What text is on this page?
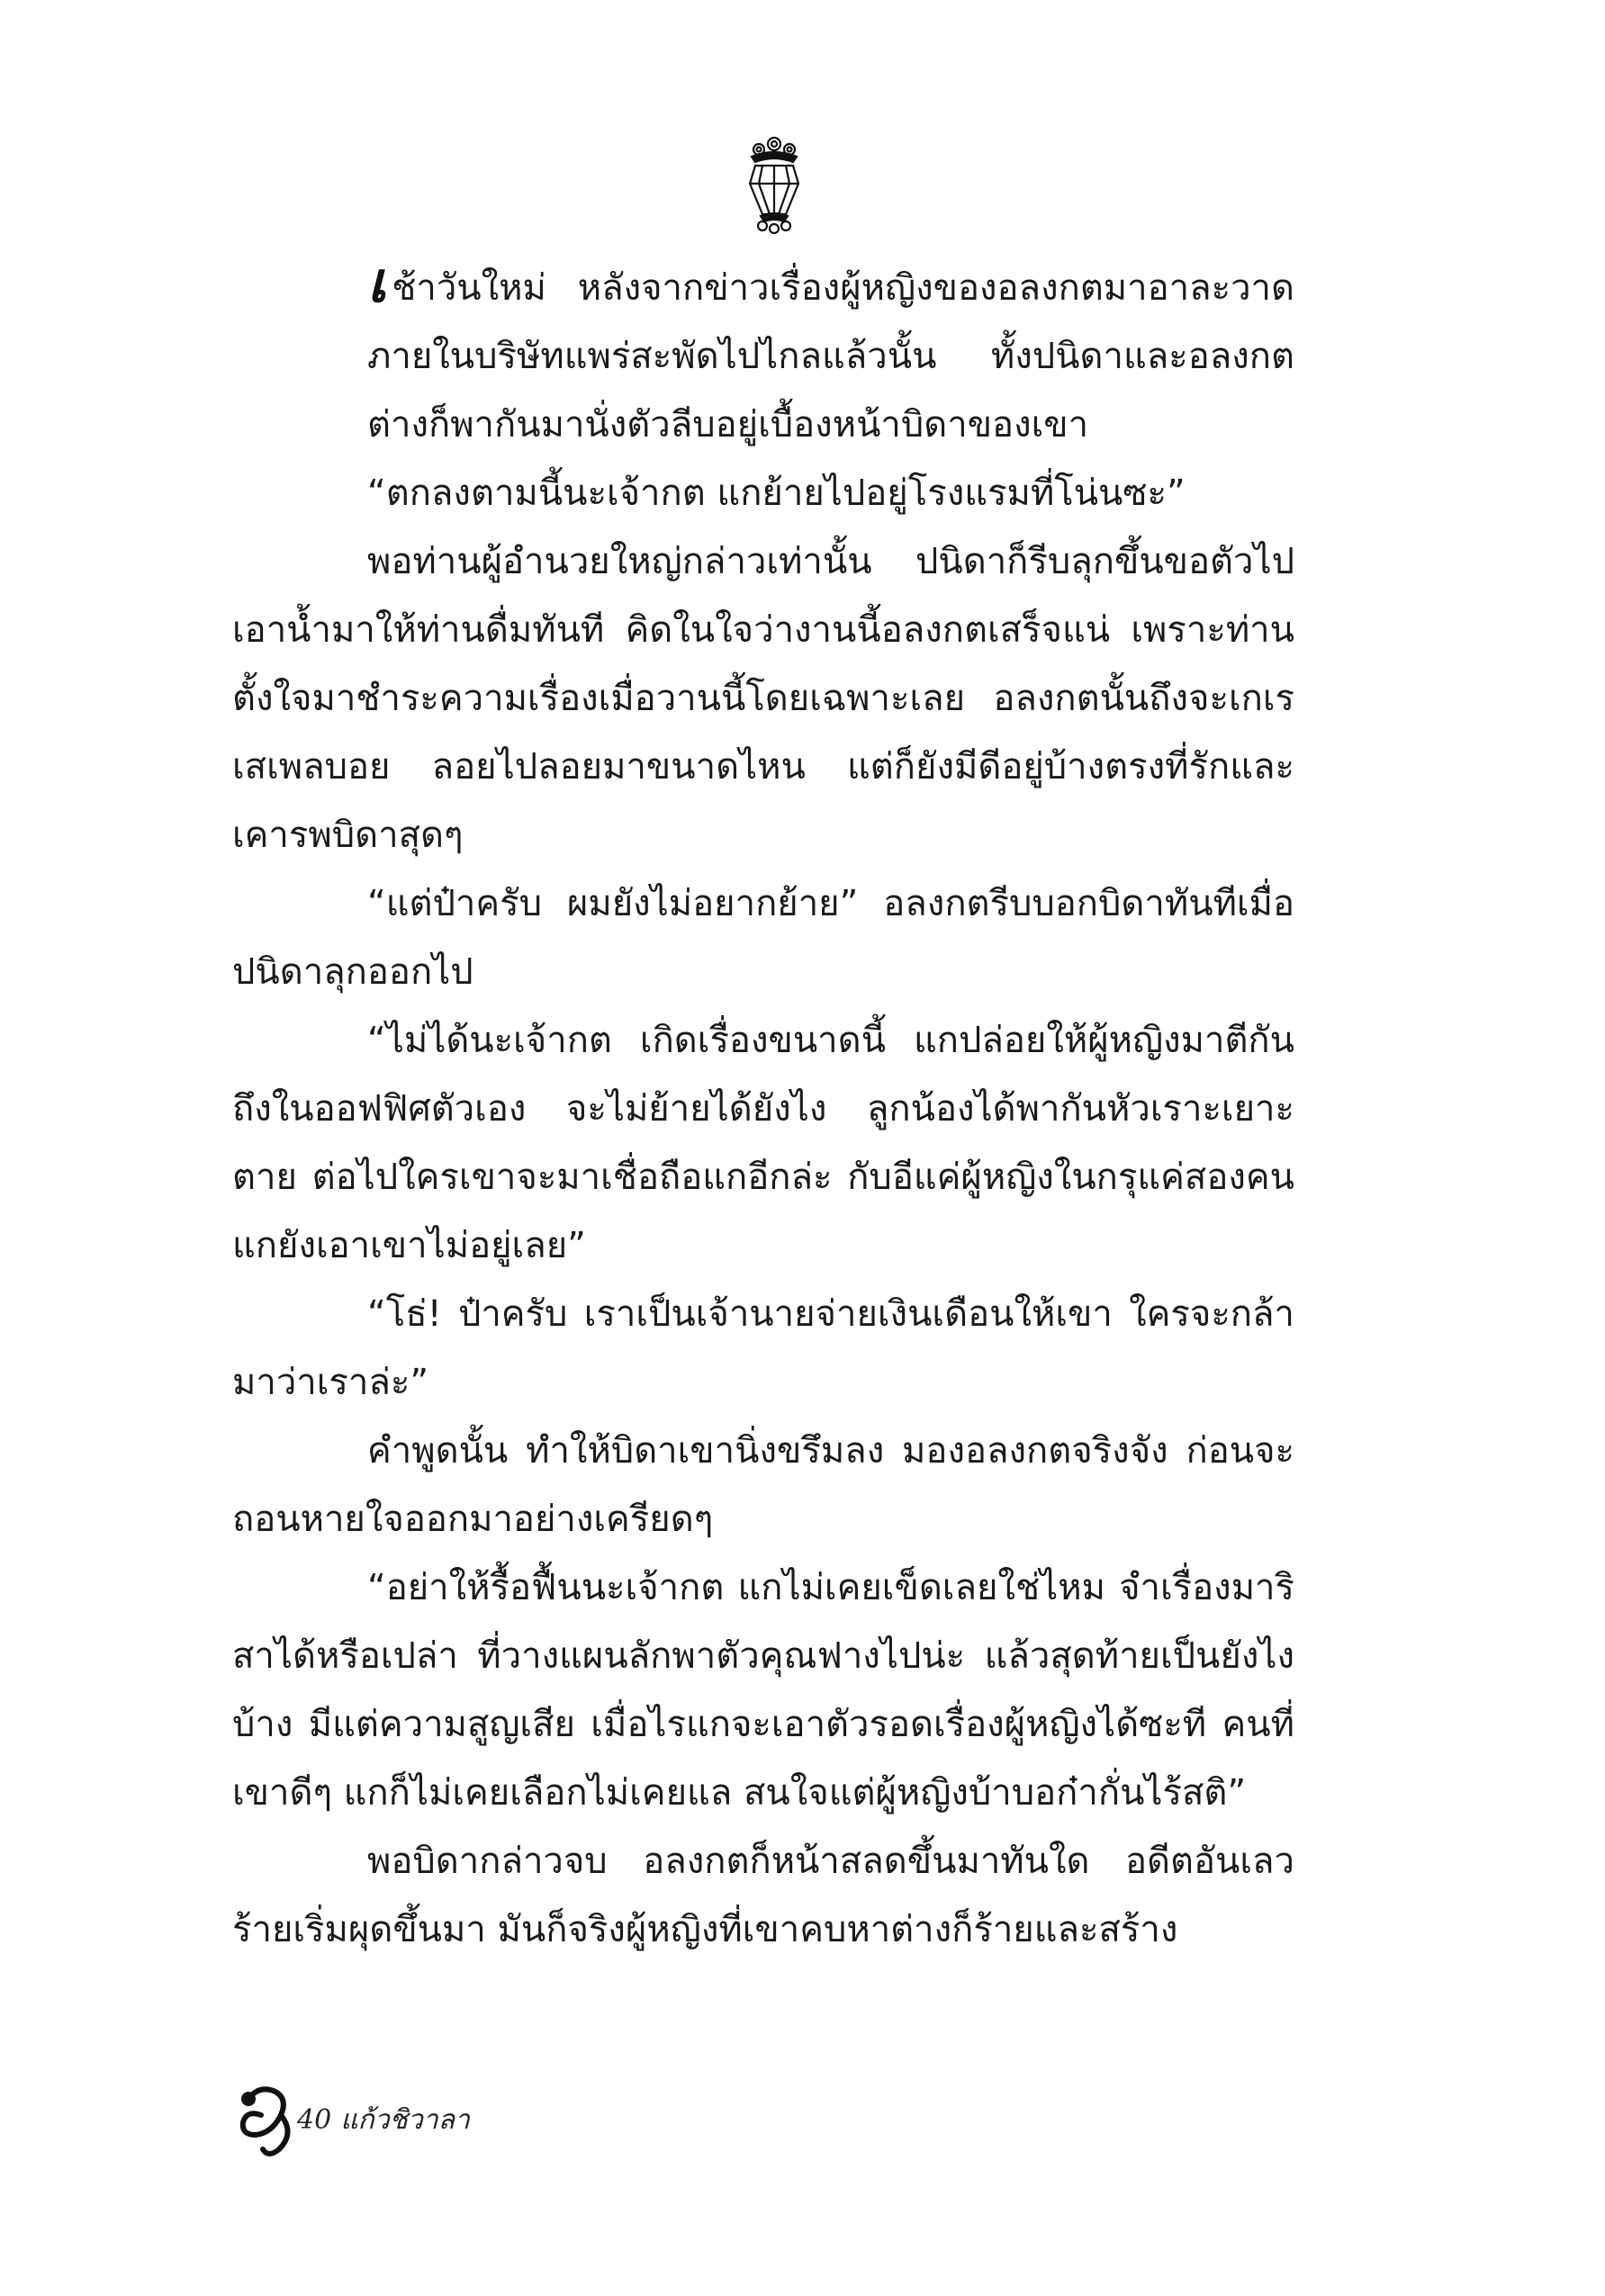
เช้าวันใหม่ หลังจากข่าวเรื่องผู้หญิงของอลงกตมาอาละวาดภายในบริษัทแพร่สะพัดไปไกลแล้วนั้น ทั้งปนิดาและอลงกตต่างก็พากันมานั่งตัวลีบอยู่เบื้องหน้าบิดาของเขา

“ตกลงตามนี้นะเจ้ากต แกย้ายไปอยู่โรงแรมที่โน่นซะ”

พอท่านผู้อำนวยใหญ่กล่าวเท่านั้น ปนิดาก็รีบลุกขึ้นขอตัวไปเอาน้ำมาให้ท่านดื่มทันที คิดในใจว่างานนี้อลงกตเสร็จแน่ เพราะท่านตั้งใจมาชำระความเรื่องเมื่อวานนี้โดยเฉพาะเลย อลงกตนั้นถึงจะเกเร เสเพลบอย ลอยไปลอยมาขนาดไหน แต่ก็ยังมีดีอยู่บ้างตรงที่รักและเคารพบิดาสุดๆ

“แต่ป๋าครับ ผมยังไม่อยากย้าย” อลงกตรีบบอกบิดาทันทีเมื่อปนิดาลุกออกไป

“ไม่ได้นะเจ้ากต เกิดเรื่องขนาดนี้ แกปล่อยให้ผู้หญิงมาตีกันถึงในออฟฟิศตัวเอง จะไม่ย้ายได้ยังไง ลูกน้องได้พากันหัวเราะเยาะตาย ต่อไปใครเขาจะมาเชื่อถือแกอีกล่ะ กับอีแค่ผู้หญิงในกรุแค่สองคน แกยังเอาเขาไม่อยู่เลย”

“โธ่! ป๋าครับ เราเป็นเจ้านายจ่ายเงินเดือนให้เขา ใครจะกล้ามาว่าเราล่ะ”

คำพูดนั้น ทำให้บิดาเขานิ่งขรึมลง มองอลงกตจริงจัง ก่อนจะถอนหายใจออกมาอย่างเครียดๆ

“อย่าให้รื้อฟื้นนะเจ้ากต แกไม่เคยเข็ดเลยใช่ไหม จำเรื่องมาริสาได้หรือเปล่า ที่วางแผนลักพาตัวคุณฟางไปน่ะ แล้วสุดท้ายเป็นยังไงบ้าง มีแต่ความสูญเสีย เมื่อไรแกจะเอาตัวรอดเรื่องผู้หญิงได้ซะที คนที่เขาดีๆ แกก็ไม่เคยเลือกไม่เคยแล สนใจแต่ผู้หญิงบ้าบอก๋ากั่นไร้สติ”

พอบิดากล่าวจบ อลงกตก็หน้าสลดขึ้นมาทันใด อดีตอันเลวร้ายเริ่มผุดขึ้นมา มันก็จริงผู้หญิงที่เขาคบหาต่างก็ร้ายและสร้าง

40 แก้วชิวาลา
